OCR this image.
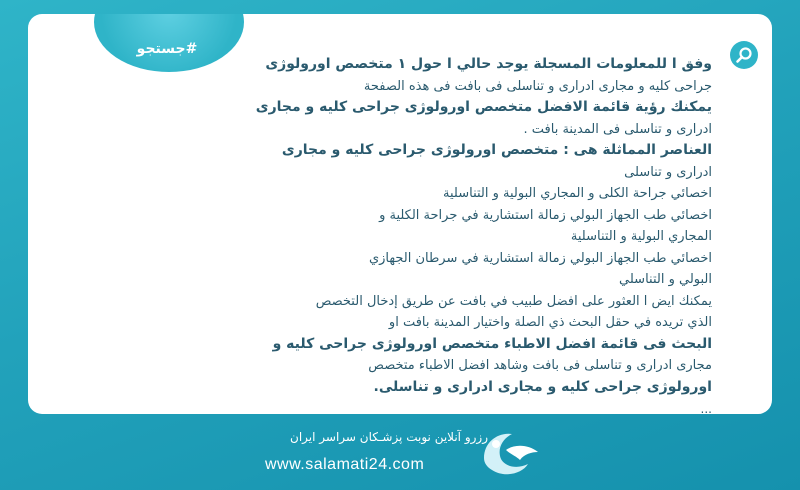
#جستجو
وفق ا للمعلومات المسجلة يوجد حالي ا حول ١ متخصص اورولوژی
جراحی کلیه و مجاری ادراری و تناسلی فی بافت فی هذه الصفحة
يمكنك رؤية قائمة الافضل متخصص اورولوژی جراحی کلیه و مجاری
ادراری و تناسلی فی المدينة بافت .
العناصر المماثلة هی : متخصص اورولوژی جراحی کلیه و مجاری
ادراری و تناسلی
اخصائي جراحة الكلى و المجاري البولية و التناسلية
اخصائي طب الجهاز البولي زمالة استشارية في جراحة الكلية و
المجاري البولية و التناسلية
اخصائي طب الجهاز البولي زمالة استشارية في سرطان الجهازي
البولي و التناسلي
يمكنك ايض ا العثور على افضل طبيب في بافت عن طريق إدخال التخصص
الذي تريده في حقل البحث ذي الصلة واختيار المدينة بافت او
البحث فی قائمة افضل الاطباء متخصص اورولوژی جراحی کلیه و
مجاری ادراری و تناسلی فی بافت وشاهد افضل الاطباء متخصص
اورولوژی جراحی کلیه و مجاری ادراری و تناسلی.
...
رزرو آنلاین نوبت پزشـکان سراسر ایران
www.salamati24.com
